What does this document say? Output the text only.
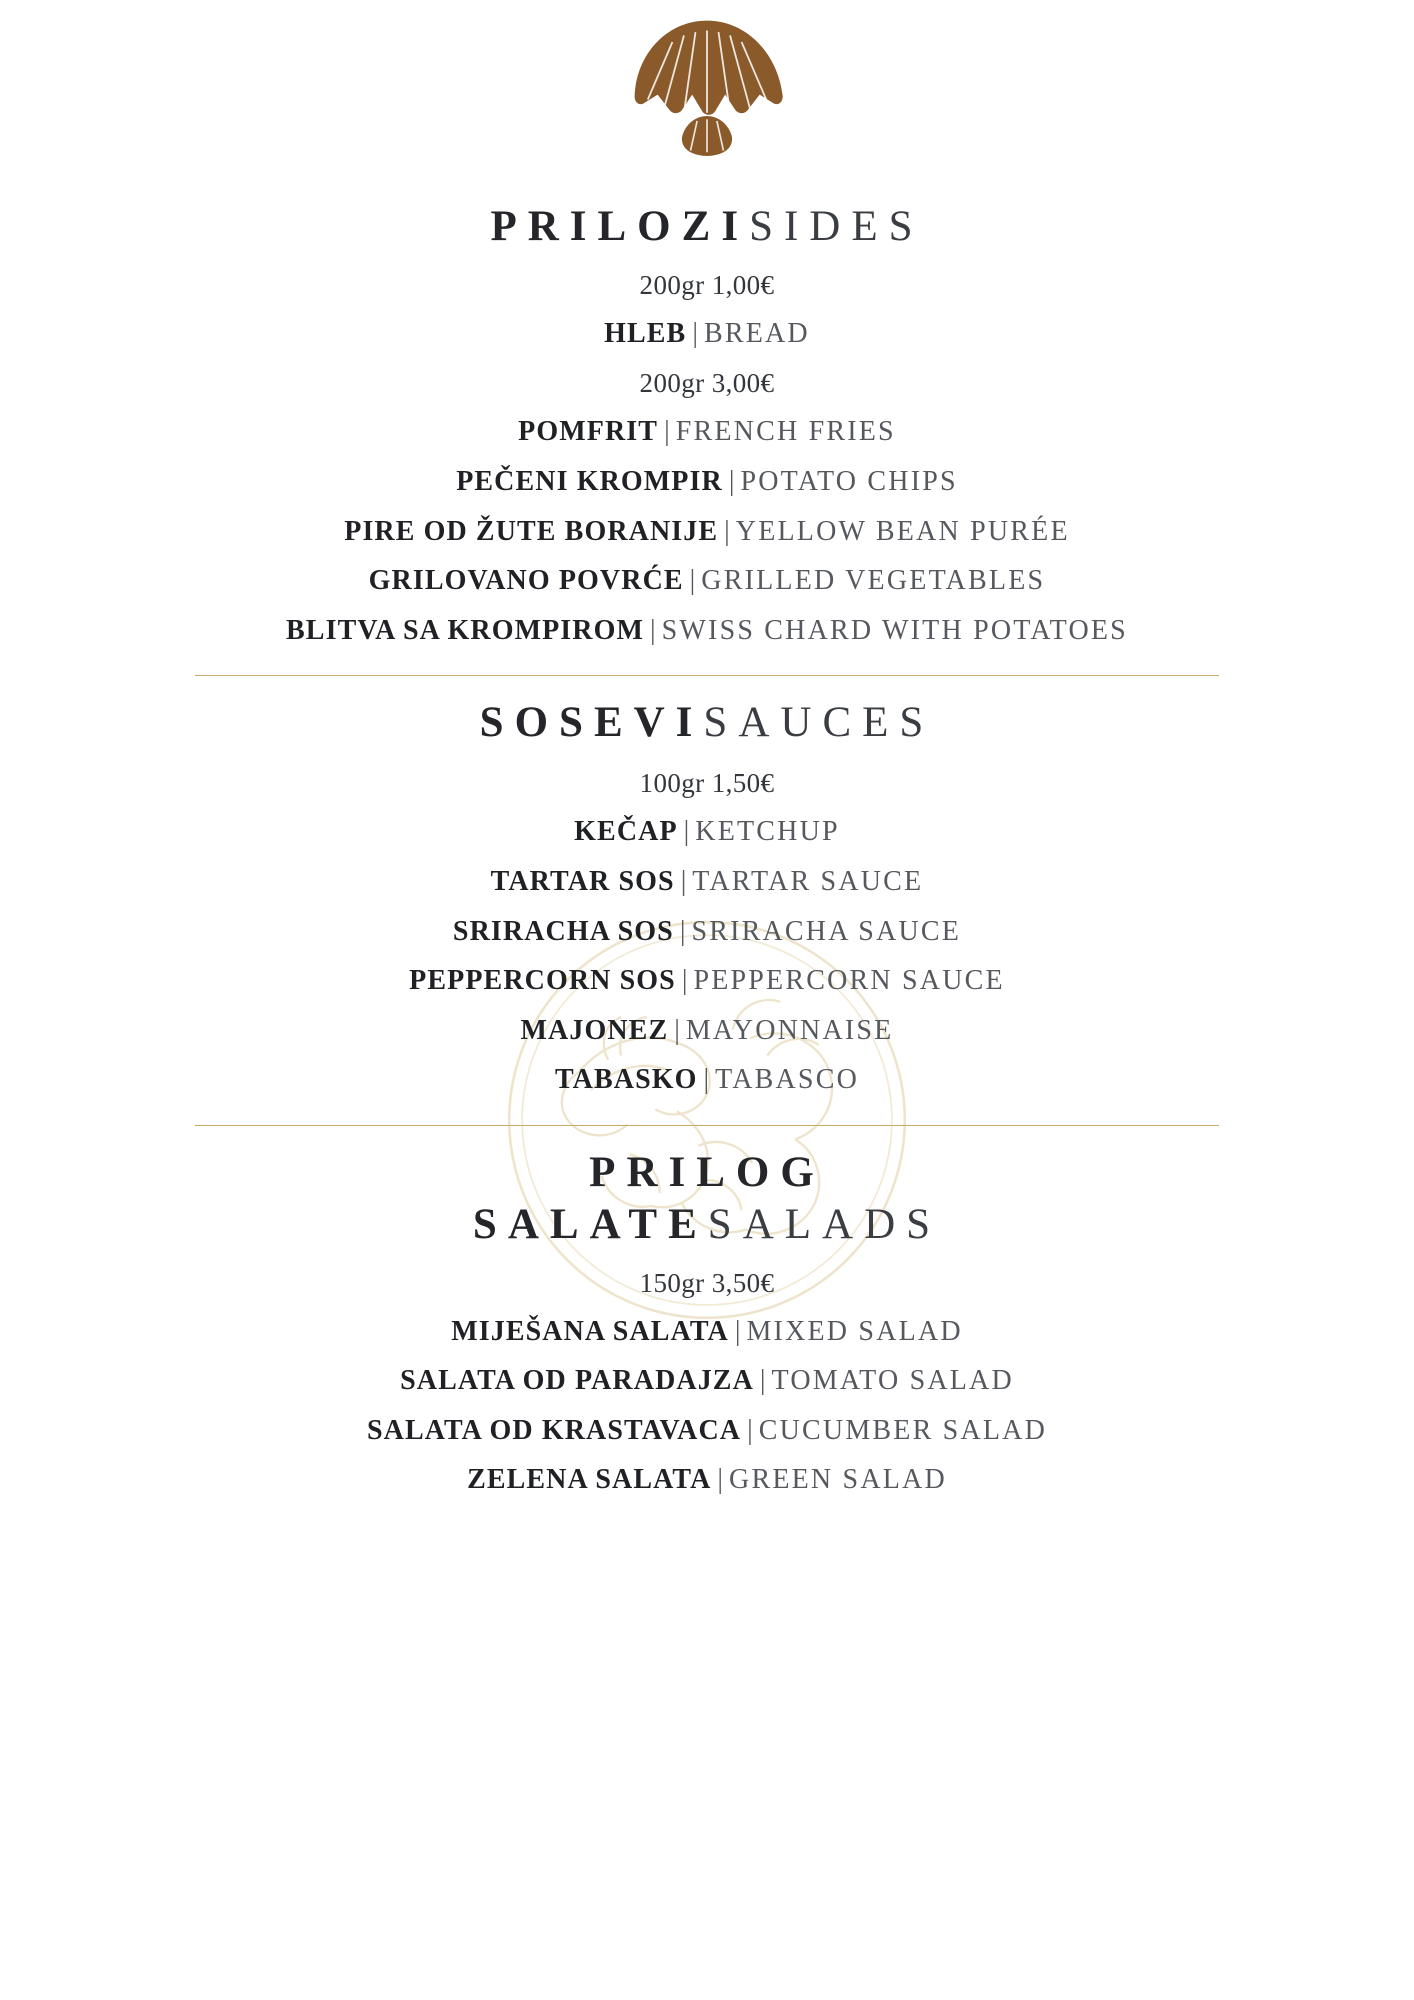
PRILOZISIDES
200gr 1,00€
HLEB | BREAD
200gr 3,00€
POMFRIT | FRENCH FRIES
PEČENI KROMPIR | POTATO CHIPS
PIRE OD ŽUTE BORANIJE | YELLOW BEAN PURÉE
GRILOVANO POVRĆE | GRILLED VEGETABLES
BLITVA SA KROMPIROM | SWISS CHARD WITH POTATOES
SOSEVISAUCES
100gr 1,50€
KEČAP | KETCHUP
TARTAR SOS | TARTAR SAUCE
SRIRACHA SOS | SRIRACHA SAUCE
PEPPERCORN SOS | PEPPERCORN SAUCE
MAJONEZ | MAYONNAISE
TABASKO | TABASCO
PRILOG
SALATESALADS
150gr 3,50€
MIJEŠANA SALATA | MIXED SALAD
SALATA OD PARADAJZA | TOMATO SALAD
SALATA OD KRASTAVACA | CUCUMBER SALAD
ZELENA SALATA | GREEN SALAD
